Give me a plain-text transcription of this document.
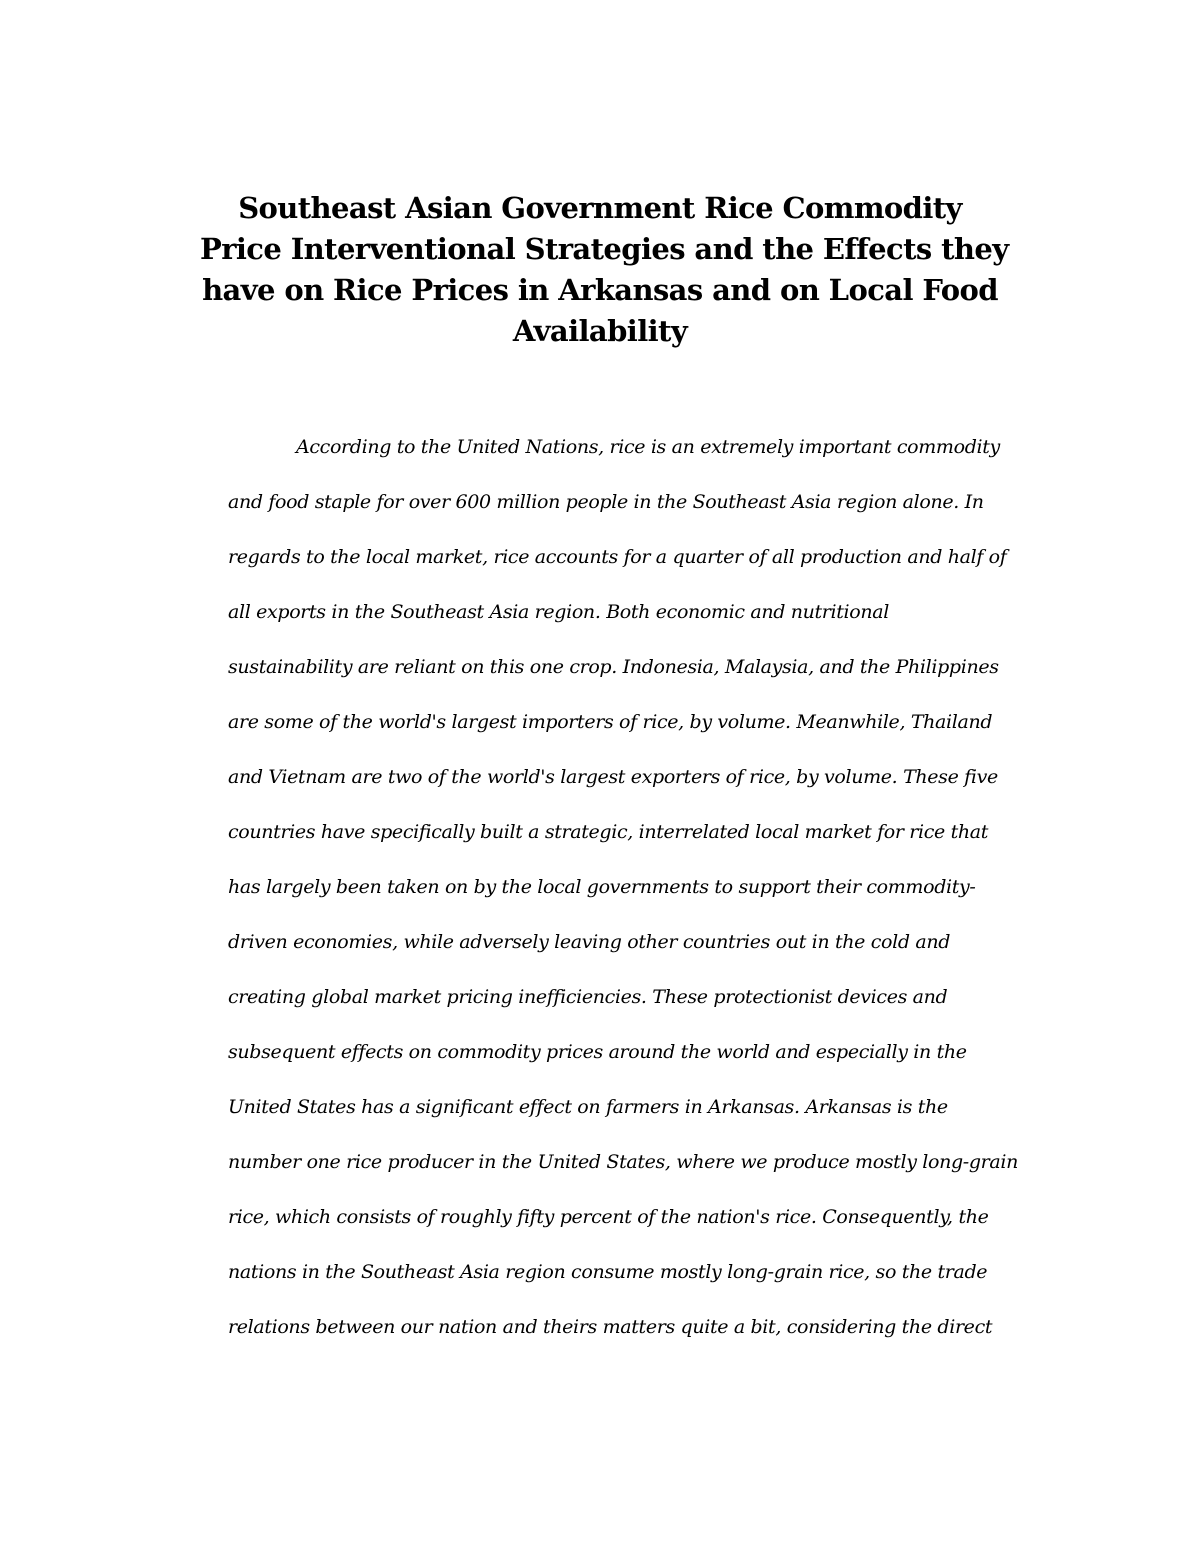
Southeast Asian Government Rice Commodity
Price Interventional Strategies and the Effects they
have on Rice Prices in Arkansas and on Local Food
Availability
According to the United Nations, rice is an extremely important commodity
and food staple for over 600 million people in the Southeast Asia region alone. In
regards to the local market, rice accounts for a quarter of all production and half of
all exports in the Southeast Asia region. Both economic and nutritional
sustainability are reliant on this one crop. Indonesia, Malaysia, and the Philippines
are some of the world's largest importers of rice, by volume. Meanwhile, Thailand
and Vietnam are two of the world's largest exporters of rice, by volume. These five
countries have specifically built a strategic, interrelated local market for rice that
has largely been taken on by the local governments to support their commodity-
driven economies, while adversely leaving other countries out in the cold and
creating global market pricing inefficiencies. These protectionist devices and
subsequent effects on commodity prices around the world and especially in the
United States has a significant effect on farmers in Arkansas. Arkansas is the
number one rice producer in the United States, where we produce mostly long-grain
rice, which consists of roughly fifty percent of the nation's rice. Consequently, the
nations in the Southeast Asia region consume mostly long-grain rice, so the trade
relations between our nation and theirs matters quite a bit, considering the direct
